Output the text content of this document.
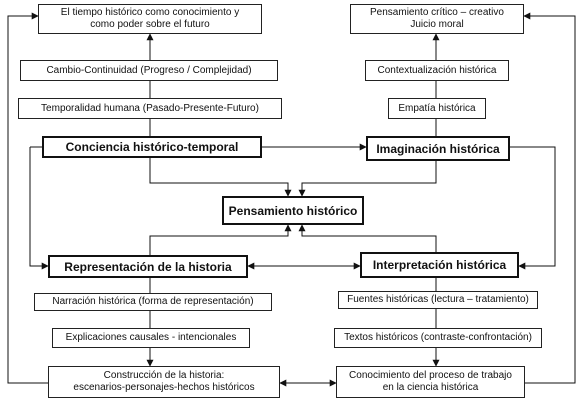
El tiempo histórico como conocimiento y
como poder sobre el futuro
Cambio-Continuidad (Progreso / Complejidad)
Temporalidad humana (Pasado-Presente-Futuro)
Conciencia histórico-temporal
Pensamiento crítico – creativo
Juicio moral
Contextualización histórica
Empatía histórica
Imaginación histórica
Pensamiento histórico
Representación de la historia
Narración histórica (forma de representación)
Explicaciones causales - intencionales
Construcción de la historia:
escenarios-personajes-hechos históricos
Interpretación histórica
Fuentes históricas (lectura – tratamiento)
Textos históricos (contraste-confrontación)
Conocimiento del proceso de trabajo
en la ciencia histórica
